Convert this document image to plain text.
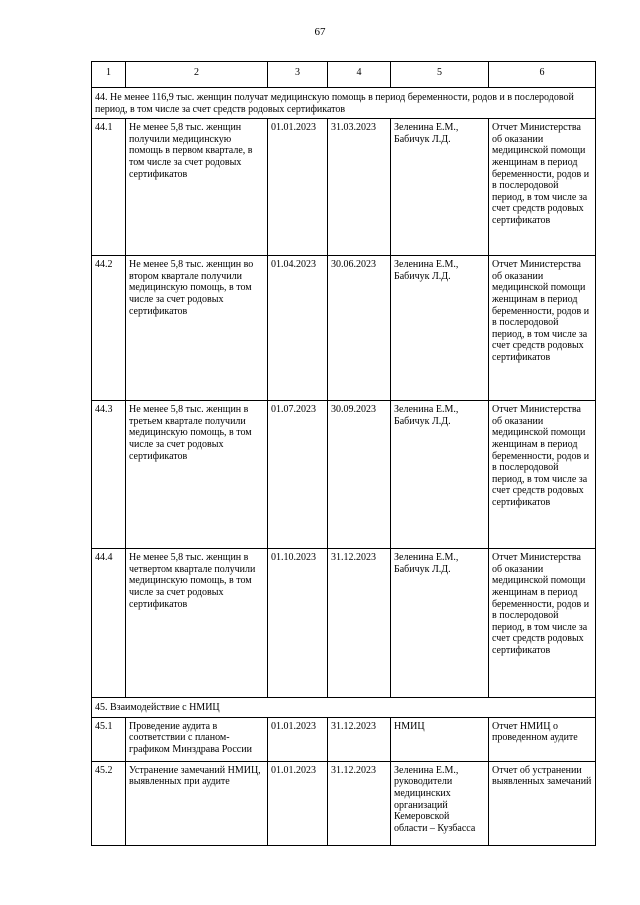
67
1	2	3	4	5	6
44. Не менее 116,9 тыс. женщин получат медицинскую помощь в период беременности, родов и в послеродовой период, в том числе за счет средств родовых сертификатов					
44.1	Не менее 5,8 тыс. женщин получили медицинскую помощь в первом квартале, в том числе за счет родовых сертификатов	01.01.2023	31.03.2023	Зеленина Е.М., Бабичук Л.Д.	Отчет Министерства об оказании медицинской помощи женщинам в период беременности, родов и в послеродовой период, в том числе за счет средств родовых сертификатов
44.2	Не менее 5,8 тыс. женщин во втором квартале получили медицинскую помощь, в том числе за счет родовых сертификатов	01.04.2023	30.06.2023	Зеленина Е.М., Бабичук Л.Д.	Отчет Министерства об оказании медицинской помощи женщинам в период беременности, родов и в послеродовой период, в том числе за счет средств родовых сертификатов
44.3	Не менее 5,8 тыс. женщин в третьем квартале получили медицинскую помощь, в том числе за счет родовых сертификатов	01.07.2023	30.09.2023	Зеленина Е.М., Бабичук Л.Д.	Отчет Министерства об оказании медицинской помощи женщинам в период беременности, родов и в послеродовой период, в том числе за счет средств родовых сертификатов
44.4	Не менее 5,8 тыс. женщин в четвертом квартале получили медицинскую помощь, в том числе за счет родовых сертификатов	01.10.2023	31.12.2023	Зеленина Е.М., Бабичук Л.Д.	Отчет Министерства об оказании медицинской помощи женщинам в период беременности, родов и в послеродовой период, в том числе за счет средств родовых сертификатов
45. Взаимодействие с НМИЦ					
45.1	Проведение аудита в соответствии с планом-графиком Минздрава России	01.01.2023	31.12.2023	НМИЦ	Отчет НМИЦ о проведенном аудите
45.2	Устранение замечаний НМИЦ, выявленных при аудите	01.01.2023	31.12.2023	Зеленина Е.М., руководители медицинских организаций Кемеровской области – Кузбасса	Отчет об устранении выявленных замечаний
